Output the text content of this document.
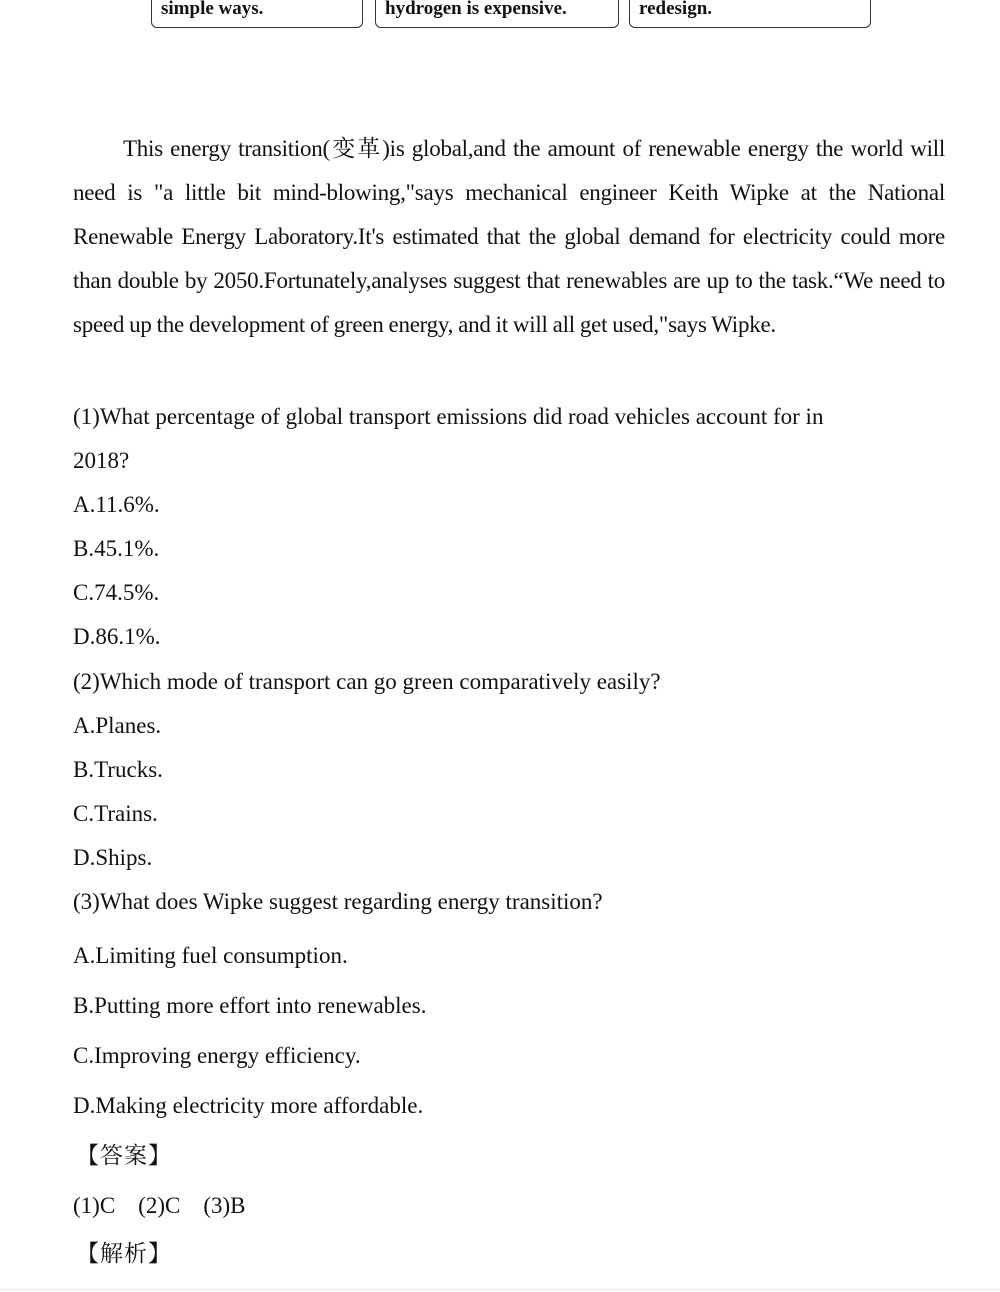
simple ways.	hydrogen is expensive.	redesign.
This energy transition(变革)is global,and the amount of renewable energy the world will need is "a little bit mind-blowing,"says mechanical engineer Keith Wipke at the National Renewable Energy Laboratory.It's estimated that the global demand for electricity could more than double by 2050.Fortunately,analyses suggest that renewables are up to the task.“We need to speed up the development of green energy, and it will all get used,"says Wipke.
(1)What percentage of global transport emissions did road vehicles account for in
2018?
A.11.6%.
B.45.1%.
C.74.5%.
D.86.1%.
(2)Which mode of transport can go green comparatively easily?
A.Planes.
B.Trucks.
C.Trains.
D.Ships.
(3)What does Wipke suggest regarding energy transition?
A.Limiting fuel consumption.
B.Putting more effort into renewables.
C.Improving energy efficiency.
D.Making electricity more affordable.
【答案】
(1)C    (2)C    (3)B
【解析】
